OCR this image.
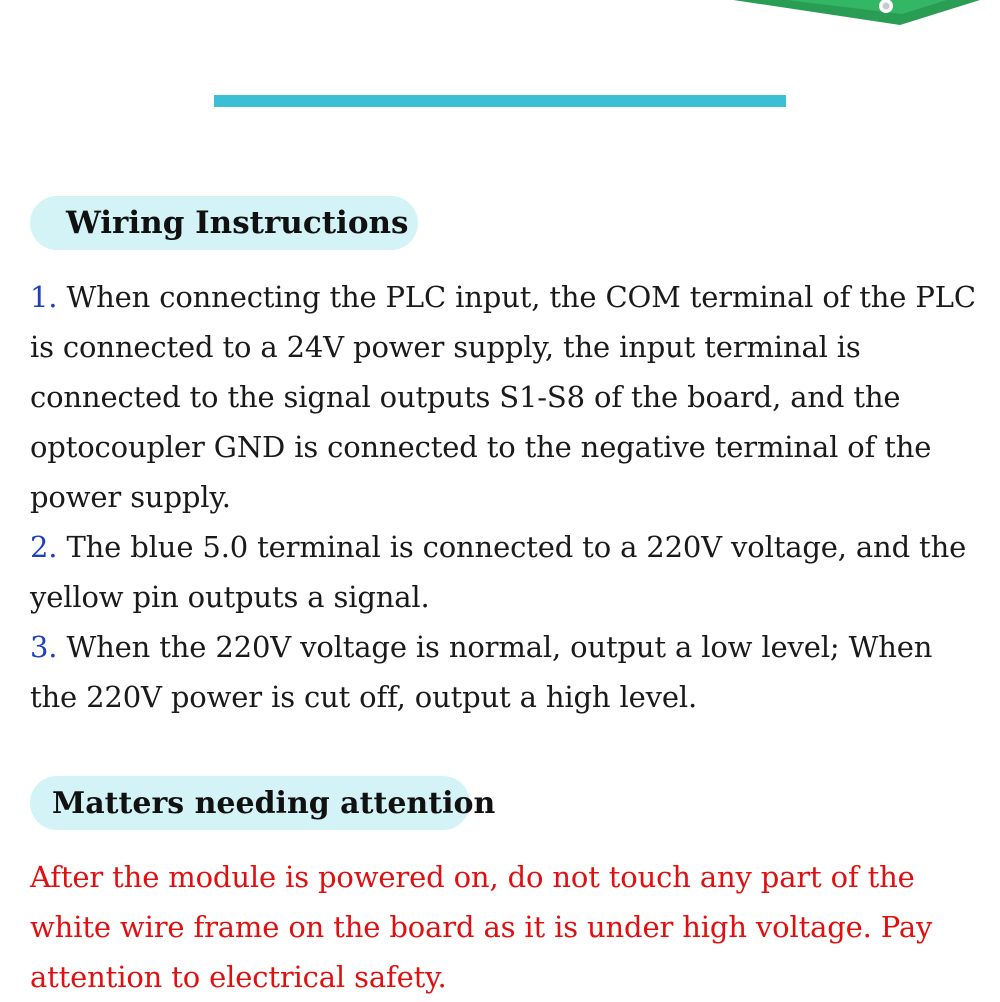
Wiring Instructions

1. When connecting the PLC input, the COM terminal of the PLC
is connected to a 24V power supply, the input terminal is
connected to the signal outputs S1-S8 of the board, and the
optocoupler GND is connected to the negative terminal of the
power supply.

2. The blue 5.0 terminal is connected to a 220V voltage, and the
yellow pin outputs a signal.

3. When the 220V voltage is normal, output a low level; When
the 220V power is cut off, output a high level.

Matters needing attention

After the module is powered on, do not touch any part of the
white wire frame on the board as it is under high voltage. Pay
attention to electrical safety.
